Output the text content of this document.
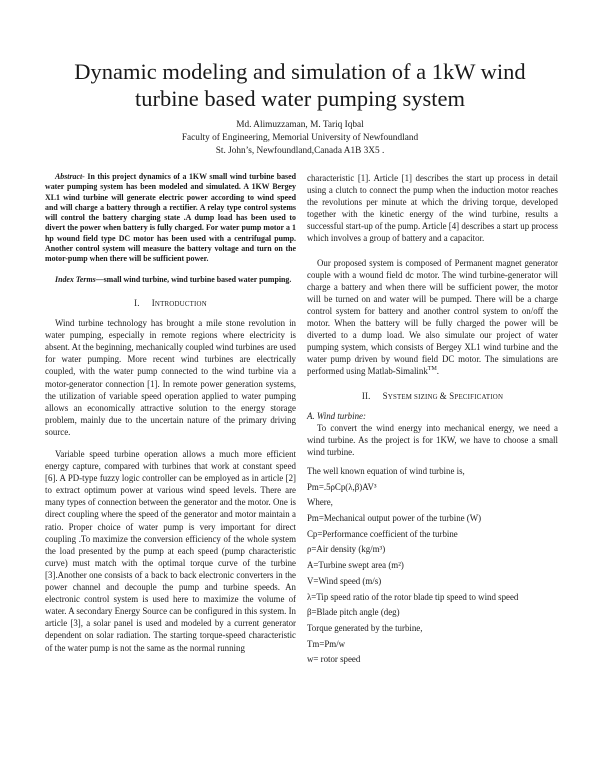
Dynamic modeling and simulation of a 1kW wind turbine based water pumping system
Md. Alimuzzaman, M. Tariq Iqbal
Faculty of Engineering, Memorial University of Newfoundland
St. John’s, Newfoundland,Canada A1B 3X5 .

Abstract- In this project dynamics of a 1KW small wind turbine based water pumping system has been modeled and simulated. A 1KW Bergey XL1 wind turbine will generate electric power according to wind speed and will charge a battery through a rectifier. A relay type control systems will control the battery charging state .A dump load has been used to divert the power when battery is fully charged. For water pump motor a 1 hp wound field type DC motor has been used with a centrifugal pump. Another control system will measure the battery voltage and turn on the motor-pump when there will be sufficient power.

Index Terms—small wind turbine, wind turbine based water pumping.

I. INTRODUCTION

Wind turbine technology has brought a mile stone revolution in water pumping, especially in remote regions where electricity is absent. At the beginning, mechanically coupled wind turbines are used for water pumping. More recent wind turbines are electrically coupled, with the water pump connected to the wind turbine via a motor-generator connection [1]. In remote power generation systems, the utilization of variable speed operation applied to water pumping allows an economically attractive solution to the energy storage problem, mainly due to the uncertain nature of the primary driving source.

Variable speed turbine operation allows a much more efficient energy capture, compared with turbines that work at constant speed [6]. A PD-type fuzzy logic controller can be employed as in article [2] to extract optimum power at various wind speed levels. There are many types of connection between the generator and the motor. One is direct coupling where the speed of the generator and motor maintain a ratio. Proper choice of water pump is very important for direct coupling .To maximize the conversion efficiency of the whole system the load presented by the pump at each speed (pump characteristic curve) must match with the optimal torque curve of the turbine [3].Another one consists of a back to back electronic converters in the power channel and decouple the pump and turbine speeds. An electronic control system is used here to maximize the volume of water. A secondary Energy Source can be configured in this system. In article [3], a solar panel is used and modeled by a current generator dependent on solar radiation. The starting torque-speed characteristic of the water pump is not the same as the normal running

characteristic [1]. Article [1] describes the start up process in detail using a clutch to connect the pump when the induction motor reaches the revolutions per minute at which the driving torque, developed together with the kinetic energy of the wind turbine, results a successful start-up of the pump. Article [4] describes a start up process which involves a group of battery and a capacitor.

Our proposed system is composed of Permanent magnet generator couple with a wound field dc motor. The wind turbine-generator will charge a battery and when there will be sufficient power, the motor will be turned on and water will be pumped. There will be a charge control system for battery and another control system to on/off the motor. When the battery will be fully charged the power will be diverted to a dump load. We also simulate our project of water pumping system, which consists of Bergey XL1 wind turbine and the water pump driven by wound field DC motor. The simulations are performed using Matlab-Simalink™.

II. SYSTEM SIZING & SPECIFICATION

A. Wind turbine:

To convert the wind energy into mechanical energy, we need a wind turbine. As the project is for 1KW, we have to choose a small wind turbine.

The well known equation of wind turbine is,

Pm=.5ρCp(λ,β)AV³

Where,

Pm=Mechanical output power of the turbine (W)

Cp=Performance coefficient of the turbine

ρ=Air density (kg/m³)

A=Turbine swept area (m²)

V=Wind speed (m/s)

λ=Tip speed ratio of the rotor blade tip speed to wind speed

β=Blade pitch angle (deg)

Torque generated by the turbine,

Tm=Pm/w

w= rotor speed
